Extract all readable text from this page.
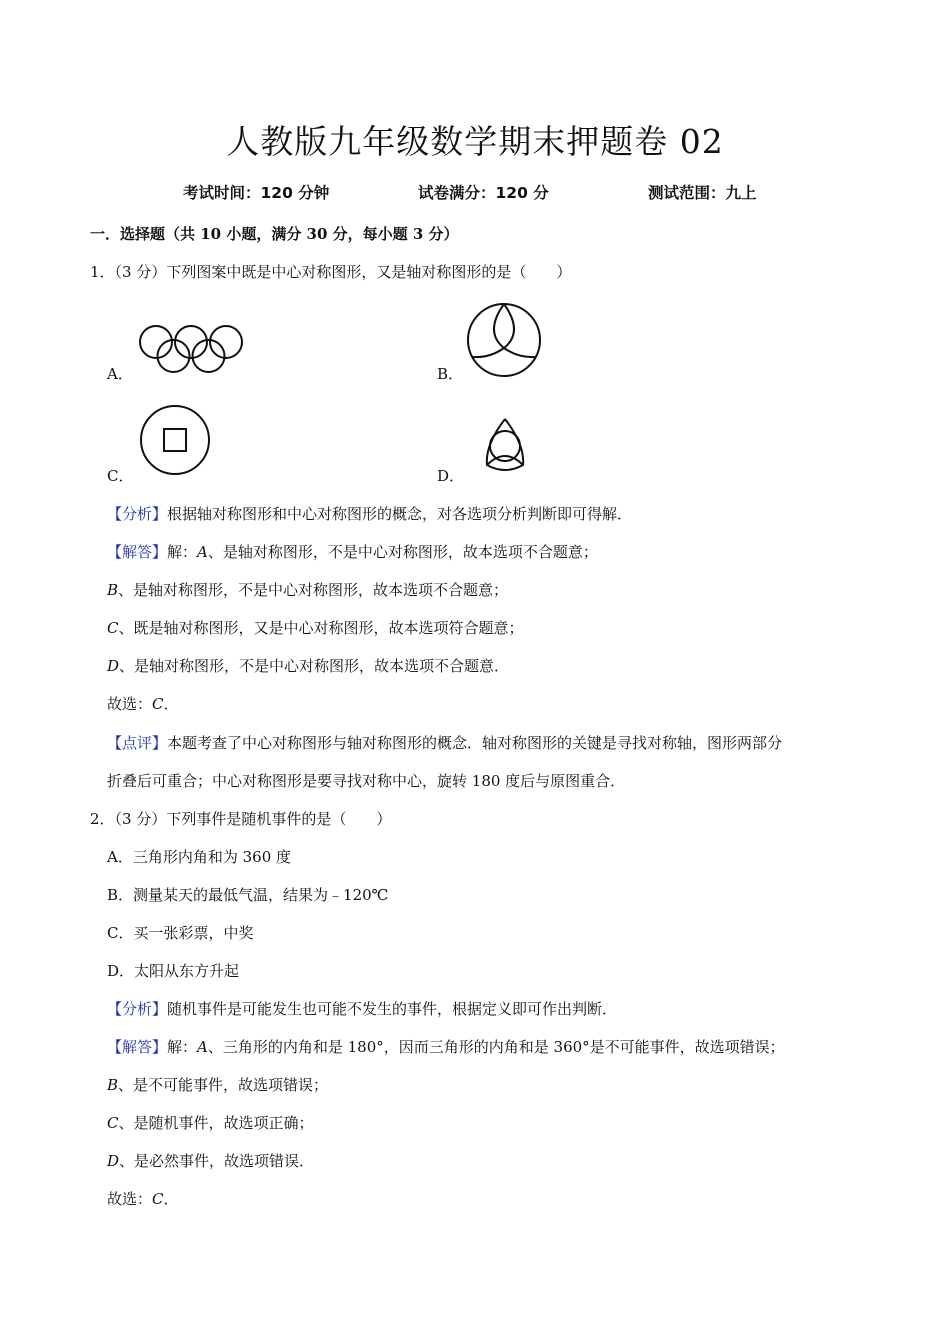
人教版九年级数学期末押题卷 02
考试时间：120 分钟	试卷满分：120 分	测试范围：九上
一．选择题（共 10 小题，满分 30 分，每小题 3 分）
1．（3 分）下列图案中既是中心对称图形，又是轴对称图形的是（　　）
A．	B．
C．	D．
【分析】根据轴对称图形和中心对称图形的概念，对各选项分析判断即可得解．
【解答】解：A、是轴对称图形，不是中心对称图形，故本选项不合题意；
B、是轴对称图形，不是中心对称图形，故本选项不合题意；
C、既是轴对称图形，又是中心对称图形，故本选项符合题意；
D、是轴对称图形，不是中心对称图形，故本选项不合题意．
故选：C．
【点评】本题考查了中心对称图形与轴对称图形的概念．轴对称图形的关键是寻找对称轴，图形两部分
折叠后可重合；中心对称图形是要寻找对称中心，旋转 180 度后与原图重合．
2．（3 分）下列事件是随机事件的是（　　）
A．三角形内角和为 360 度
B．测量某天的最低气温，结果为﹣120℃
C．买一张彩票，中奖
D．太阳从东方升起
【分析】随机事件是可能发生也可能不发生的事件，根据定义即可作出判断．
【解答】解：A、三角形的内角和是 180°，因而三角形的内角和是 360°是不可能事件，故选项错误；
B、是不可能事件，故选项错误；
C、是随机事件，故选项正确；
D、是必然事件，故选项错误．
故选：C．
